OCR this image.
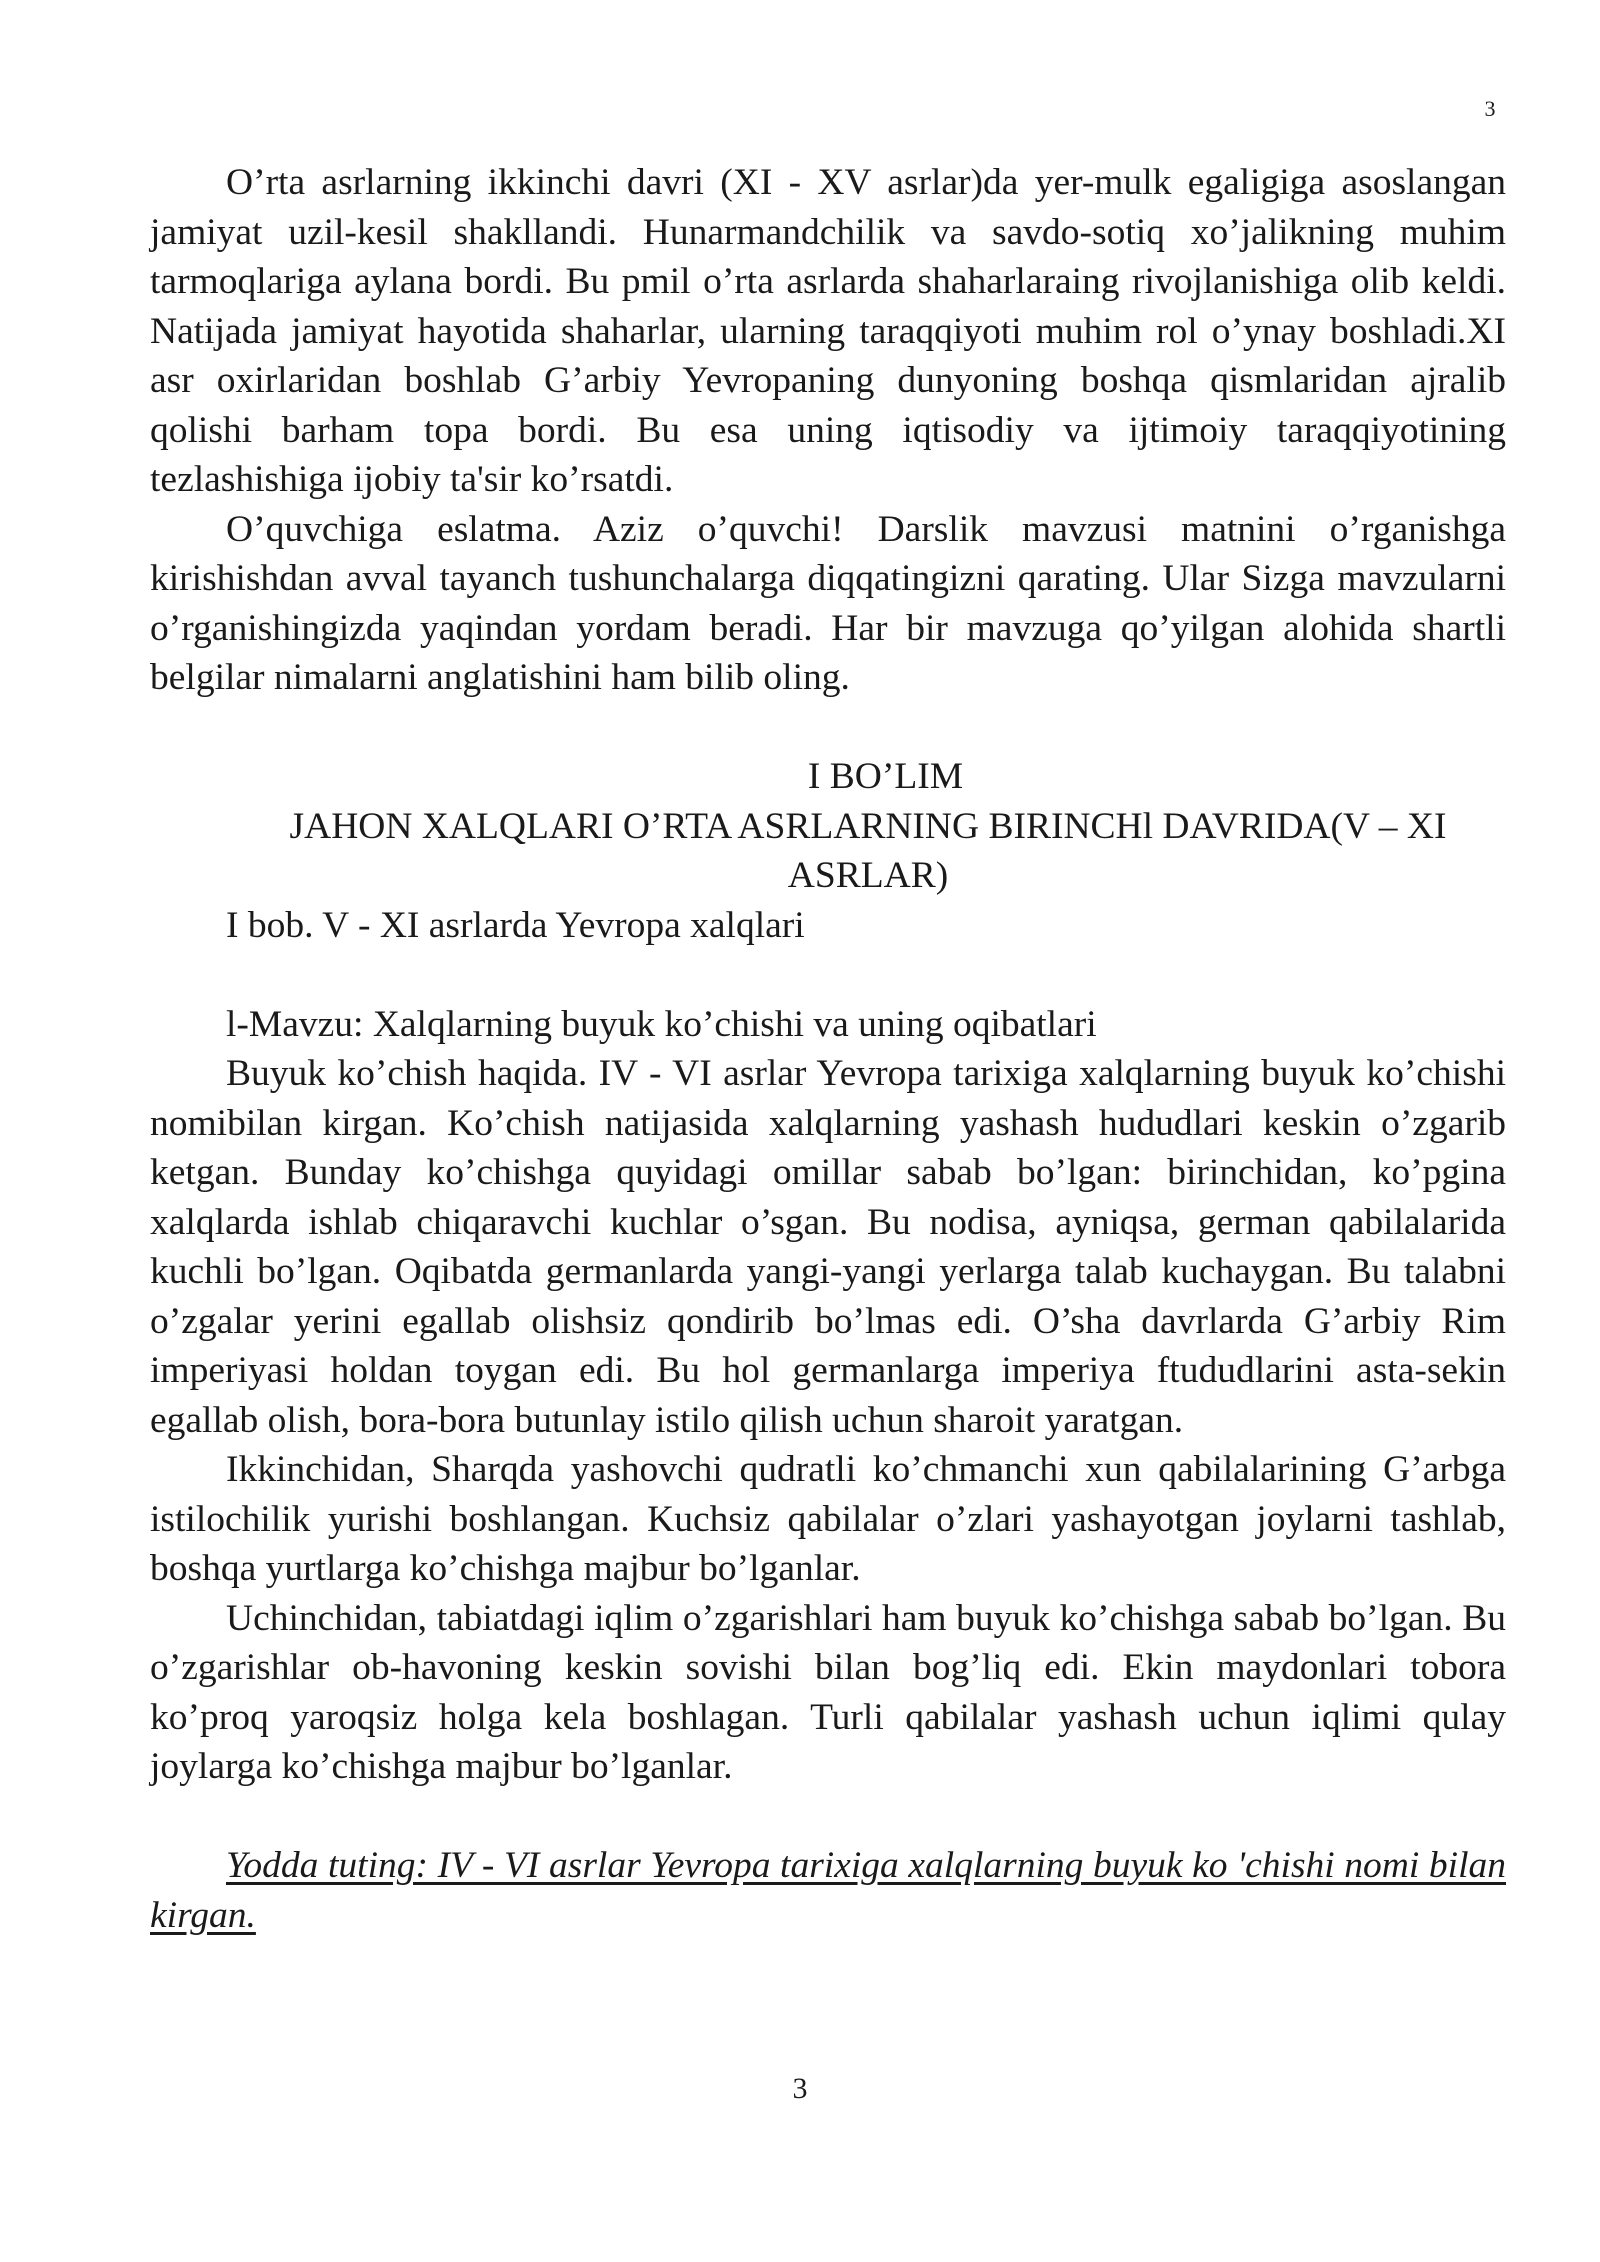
3

O’rta asrlarning ikkinchi davri (XI - XV asrlar)da yer-mulk egaligiga asoslangan jamiyat uzil-kesil shakllandi. Hunarmandchilik va savdo-sotiq xo’jalikning muhim tarmoqlariga aylana bordi. Bu pmil o’rta asrlarda shaharlaraing rivojlanishiga olib keldi. Natijada jamiyat hayotida shaharlar, ularning taraqqiyoti muhim rol o’ynay boshladi.XI asr oxirlaridan boshlab G’arbiy Yevropaning dunyoning boshqa qismlaridan ajralib qolishi barham topa bordi. Bu esa uning iqtisodiy va ijtimoiy taraqqiyotining tezlashishiga ijobiy ta'sir ko’rsatdi.

O’quvchiga eslatma. Aziz o’quvchi! Darslik mavzusi matnini o’rganishga kirishishdan avval tayanch tushunchalarga diqqatingizni qarating. Ular Sizga mavzularni o’rganishingizda yaqindan yordam beradi. Har bir mavzuga qo’yilgan alohida shartli belgilar nimalarni anglatishini ham bilib oling.

I BO’LIM

JAHON XALQLARI O’RTA ASRLARNING BIRINCHl DAVRIDA(V – XI ASRLAR)

I bob. V - XI asrlarda Yevropa xalqlari

l-Mavzu: Xalqlarning buyuk ko’chishi va uning oqibatlari

Buyuk ko’chish haqida. IV - VI asrlar Yevropa tarixiga xalqlarning buyuk ko’chishi nomibilan kirgan. Ko’chish natijasida xalqlarning yashash hududlari keskin o’zgarib ketgan. Bunday ko’chishga quyidagi omillar sabab bo’lgan: birinchidan, ko’pgina xalqlarda ishlab chiqaravchi kuchlar o’sgan. Bu nodisa, ayniqsa, german qabilalarida kuchli bo’lgan. Oqibatda germanlarda yangi-yangi yerlarga talab kuchaygan. Bu talabni o’zgalar yerini egallab olishsiz qondirib bo’lmas edi. O’sha davrlarda G’arbiy Rim imperiyasi holdan toygan edi. Bu hol germanlarga imperiya ftududlarini asta-sekin egallab olish, bora-bora butunlay istilo qilish uchun sharoit yaratgan.

Ikkinchidan, Sharqda yashovchi qudratli ko’chmanchi xun qabilalarining G’arbga istilochilik yurishi boshlangan. Kuchsiz qabilalar o’zlari yashayotgan joylarni tashlab, boshqa yurtlarga ko’chishga majbur bo’lganlar.

Uchinchidan, tabiatdagi iqlim o’zgarishlari ham buyuk ko’chishga sabab bo’lgan. Bu o’zgarishlar ob-havoning keskin sovishi bilan bog’liq edi. Ekin maydonlari tobora ko’proq yaroqsiz holga kela boshlagan. Turli qabilalar yashash uchun iqlimi qulay joylarga ko’chishga majbur bo’lganlar.

Yodda tuting: IV - VI asrlar Yevropa tarixiga xalqlarning buyuk ko 'chishi nomi bilan kirgan.

3
